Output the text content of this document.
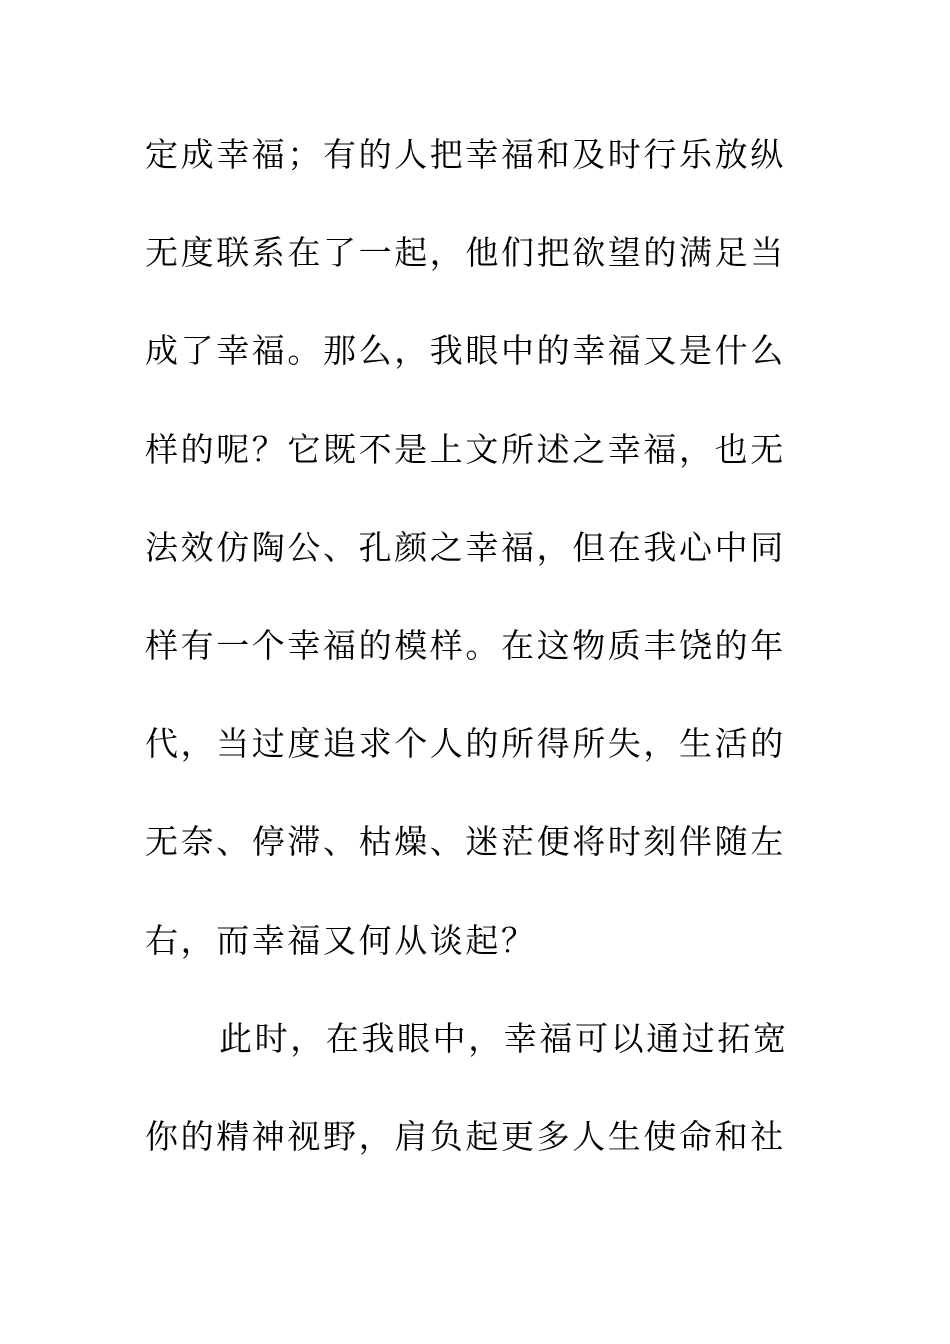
定成幸福；有的人把幸福和及时行乐放纵
无度联系在了一起，他们把欲望的满足当
成了幸福。那么，我眼中的幸福又是什么
样的呢？它既不是上文所述之幸福，也无
法效仿陶公、孔颜之幸福，但在我心中同
样有一个幸福的模样。在这物质丰饶的年
代，当过度追求个人的所得所失，生活的
无奈、停滞、枯燥、迷茫便将时刻伴随左
右，而幸福又何从谈起？
此时，在我眼中，幸福可以通过拓宽
你的精神视野，肩负起更多人生使命和社
